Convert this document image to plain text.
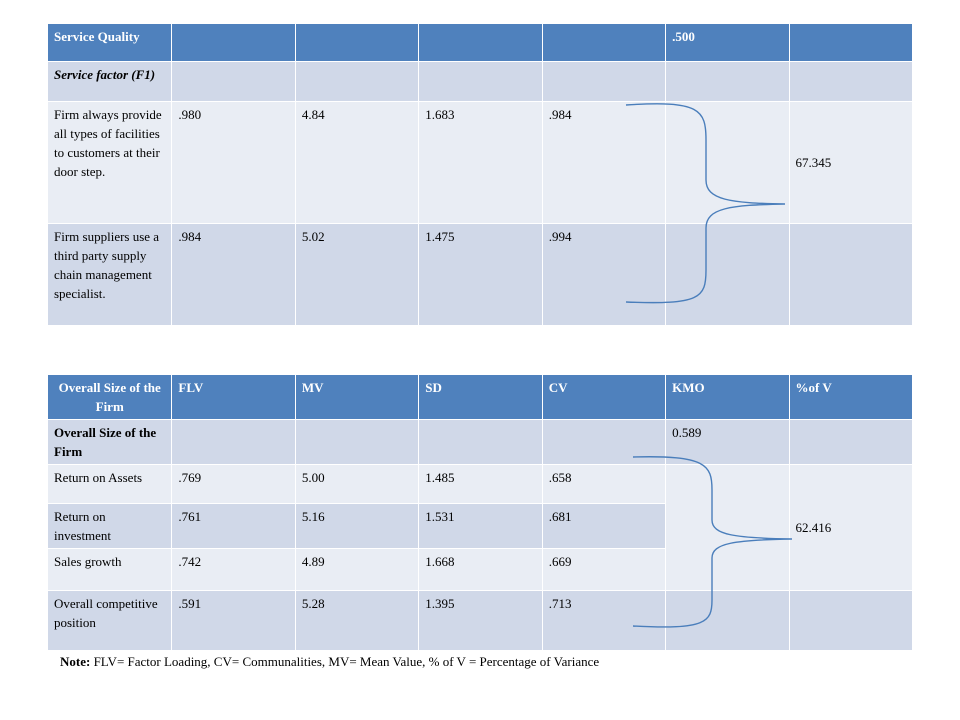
Service Quality					.500	
Service factor (F1)						
Firm always provide all types of facilities to customers at their door step.	.980	4.84	1.683	.984		67.345
Firm suppliers use a third party supply chain management specialist.	.984	5.02	1.475	.994		
Overall Size of the Firm	FLV	MV	SD	CV	KMO	%of V
Overall Size of the Firm					0.589	
Return on Assets	.769	5.00	1.485	.658		62.416
Return on investment	.761	5.16	1.531	.681		
Sales growth	.742	4.89	1.668	.669		
Overall competitive position	.591	5.28	1.395	.713		
Note: FLV= Factor Loading, CV= Communalities, MV= Mean Value, % of V = Percentage of Variance
